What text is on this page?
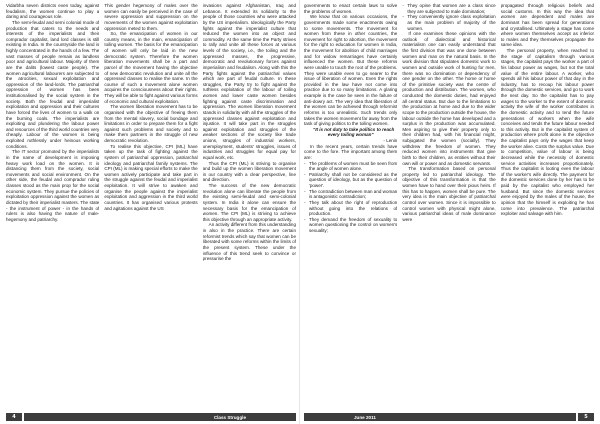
Vidarbha seven districts even today, against feudalism, the women continue to play a daring and courageous role.

The semi-feudal and semi colonial mode of production that caters to the needs and interests of the imperialists and their comprador capitalist, land lord classes is still existing in India. In the countryside the land is highly concentrated in the hands of a few. The vast masses of people remain as landless poor and agricultural labour. Majority of them are the dalits (lowest caste people). The women agricultural labourers are subjected to the atrocities, sexual exploitation and oppression of the land-lords. The patriarchal oppression of women has been institutionalised by the social system in the society. Both the feudal and imperialist exploitation and oppression and their cultures have forced the lives of women to a walk on the burning coals. The imperialists are exploiting and plundering the labour power and resources of the third world countries very cheaply. Labour of the women is being exploited ruthlessly under heinous working conditions.

The IT sector promoted by the imperialists in the name of development is imposing heavy work load on the women. It is distancing them from the society, social movements and social environment. On the other side, the feudal and comprador ruling classes stood as the main prop for the social economic system. They pursue the policies of exploitation oppression against the women as dictated by their imperialist masters. The state - the instrument of power - in the hands of rulers is also having the nature of male-hegemony and patriarchy.

This gender hegemony of males over the women can easily be perceived in the case of severe oppression and suppression on the movements of the women against exploitation oppression meted to them.

So, the emancipation of women in our country means, in the main, emancipation of toiling women. The basis for the emancipation of women will only be laid in the new democratic system. Therefore the women liberation movements shall be a part and parcel of the movement having the objective of new democratic revolution and unite all the oppressed classes to realise the same. In the course of such a movement alone women acquires the consciousness about their rights. They will be able to fight against various forms of economic and cultural exploitation.

The women liberation movement has to be organised with the objective of freeing them from the mental slavery, social bondage and limitations in order to prepare them for a fight against such problems and society and to make them partners in the struggle of new democratic revolution.

To realise this objective, CPI (ML) have taken up the task of fighting against the system of patriarchal oppression, patriarchal ideology and patriarchal family systems. The CPI (ML) is making special efforts to make the women actively participate and take part in the struggle against the feudal and imperialist exploitation. It will strive to awaken and organise the people against the imperialist exploitation and aggression in the third world countries. It has organised various protests and agitations against the US

invasions against Afghanistan, Iraq and Lebanon. It extended its solidarity to the people of those countries who were attacked by the US imperialism. Ideologically the Party fights against the imperialist culture that reduced the women into an object and commodity. At the same time the Party strives to rally and unite all these forces at various levels of the society, i.e., the toiling and the oppressed masses, the progressive, democratic and revolutionary forces against imperialism and feudalism. Along with this the Party fights against the patriarchal values which are part of feudal culture. In these struggles, the Party try to fight against the ruthless exploitation of the labour of toiling women and lower caste women besides fighting against caste discrimination and oppression. The women liberation movement stands in solidarity with all the struggles of the oppressed classes against exploitation and injustice. It will take part in the struggles against exploitation and struggles of the weaker sections of the society like trade unions, struggles of industrial workers, unemployment, students' struggles, issues of industries and struggles for equal pay for equal work, etc.

Thus the CPI (ML) is striving to organise and build up the women liberation movement in our country with a clear perspective, line and direction.

The success of the new democratic revolution alone can liberate the people from the existing semi-feudal and semi-colonial system. In India it alone can ensure the necessary basis for the emancipation of women. The CPI (ML) is striving to achieve this objective through an appropriate activity.

An activity different from this understanding in also in the practice. There are certain reformist trends which say that women can be liberated with some reforms within the limits of the present system. These under the influence of this trend seek to convince or pressurise the

4	Class Struggle

governments to enact certain laws to solve the problems of women.

We know that on various occasions, the governments made some enactments owing to some movements. The movement for women from these in other countries, the movement for right to abortion, the movement for the right to education for women in India, the movement for abolition of child marriages and for widow remarriages have certainly influenced the women. But these reforms were unable to touch the root of the problems. They were unable even to go nearer to the issue of liberation of women. Even the rights provided in the law have not come into practice due to so many limitations. A glaring example is the case be seen in the failure of anti-dowry act. The very idea that liberation of the women can be achieved through reformist reforms is too unrealistic. Such trends only takes the women movement far away from the task of giving politics to the toiling women.

"It is not duty to take politics to reach every toiling woman"

- Lenin

In the recent years, certain trends have come to the fore. The important among them are:

- The problems of women must be seen from the angle of women alone.
- Patriarchy shall not be considered as the question of ideology, but as the question of 'power'.
- The contradiction between man and woman is antagonistic contradiction;
- They talk about the right of reproduction without going into the relations of production.
- They demand the freedom of sexuality to women questioning the control on women's sexuality;
- They opine that women are a class since they are subjected to male domination;
- They conveniently ignore class exploitation as the main problem of majority of the women.

If one examines these opinions with the outlook of dialectical and historical materialism one can easily understand that the first division that was one done between women and man on the natural basis. In the work division that stipulates domestic work to women and outside work of hunting for men, there was no domination or dependency of one gender on the other. The home or home of the primitive society was the centre of production and distribution. The women, who conducted the domestic duties, had enjoyed all central status. But due to the limitations to the production at home and due to the wider scope to the production outside the house, the labour outside the home has developed and a surplus in the production was accumulated. Men aspiring to give their property only to their children had, with his financial might, subjugated the women (socially). They withdrew the freedom of women. They reduced women into instruments that give birth to their children, as entities without their own will or power and as domestic servants.

The transformation based on personal property led to patriarchal ideology. The objective of this transformation is that the women have to hand over their pious heirs. If this has to happen, women shall be pure. The very idea is the main objective of patriarchal control over women. Since it is impossible to control women with physical might alone, various patriarchal ideas of male dominance were

propagated through religious beliefs and social customs. In this way the idea that women are dependent and males are dominant has been spread for generations and crystallised. Ultimately a stage has come where women themselves accept as inferior to males and they themselves propagate the same idea.

The personal property, when reached to the stage of capitalism through various stages, the capitalist pays the worker a part of his labour power as wages, but not the total value of the entire labour. A worker, who spends all his labour power of that day in the industry, has to recoup his labour power through the domestic services, and go to work the next day. So the capitalist has to pay wages to the worker to the extent of domestic activity the wife of the worker contributes in the domestic activity and to tend the future generations of workers when the wife conceives and tends the future labour needed to this activity. But in the capitalist system of production where profit alone is the objective the capitalist pays only the wages that keep the worker alive. Costs the surplus value. Due to competition, value of labour is being decreased while the necessity of domestic service activities increases proportionately. Thus the capitalist is looting even the labour of the worker's wife directly. The payment for the domestic services done by her has to be paid by the capitalist who employed her husband. But since the domestic services were enjoyed by the males of the house, the opinion that the himself is exploiting he has come into prevalence. The patriarchal exploiter and salvage with him.

June 2011	5
